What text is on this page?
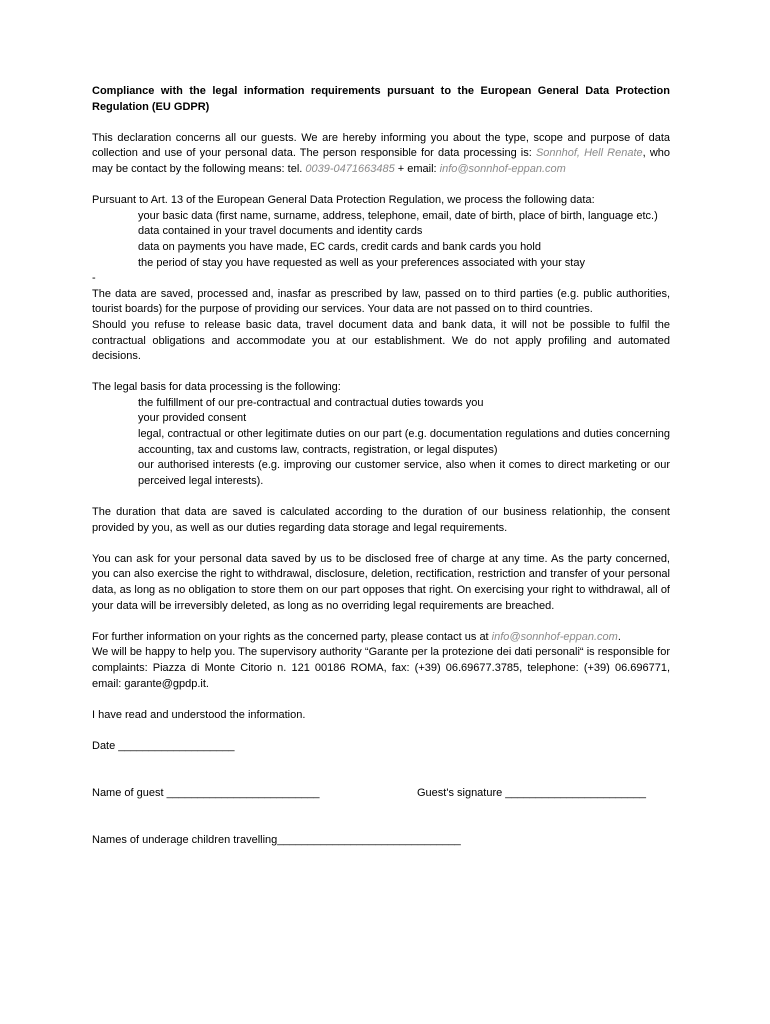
Compliance with the legal information requirements pursuant to the European General Data Protection Regulation (EU GDPR)

This declaration concerns all our guests. We are hereby informing you about the type, scope and purpose of data collection and use of your personal data. The person responsible for data processing is: Sonnhof, Hell Renate, who may be contact by the following means: tel. 0039-0471663485 + email: info@sonnhof-eppan.com

Pursuant to Art. 13 of the European General Data Protection Regulation, we process the following data:

your basic data (first name, surname, address, telephone, email, date of birth, place of birth, language etc.)
data contained in your travel documents and identity cards
data on payments you have made, EC cards, credit cards and bank cards you hold
the period of stay you have requested as well as your preferences associated with your stay
-

The data are saved, processed and, inasfar as prescribed by law, passed on to third parties (e.g. public authorities, tourist boards) for the purpose of providing our services. Your data are not passed on to third countries.

Should you refuse to release basic data, travel document data and bank data, it will not be possible to fulfil the contractual obligations and accommodate you at our establishment. We do not apply profiling and automated decisions.

The legal basis for data processing is the following:

the fulfillment of our pre-contractual and contractual duties towards you
your provided consent
legal, contractual or other legitimate duties on our part (e.g. documentation regulations and duties concerning accounting, tax and customs law, contracts, registration, or legal disputes)
our authorised interests (e.g. improving our customer service, also when it comes to direct marketing or our perceived legal interests).

The duration that data are saved is calculated according to the duration of our business relationhip, the consent provided by you, as well as our duties regarding data storage and legal requirements.

You can ask for your personal data saved by us to be disclosed free of charge at any time. As the party concerned, you can also exercise the right to withdrawal, disclosure, deletion, rectification, restriction and transfer of your personal data, as long as no obligation to store them on our part opposes that right. On exercising your right to withdrawal, all of your data will be irreversibly deleted, as long as no overriding legal requirements are breached.

For further information on your rights as the concerned party, please contact us at info@sonnhof-eppan.com.

We will be happy to help you. The supervisory authority “Garante per la protezione dei dati personali“ is responsible for complaints: Piazza di Monte Citorio n. 121 00186 ROMA, fax: (+39) 06.69677.3785, telephone: (+39) 06.696771, email: garante@gpdp.it.

I have read and understood the information.

Date ___________________
Name of guest _________________________	Guest's signature _______________________
Names of underage children travelling______________________________
